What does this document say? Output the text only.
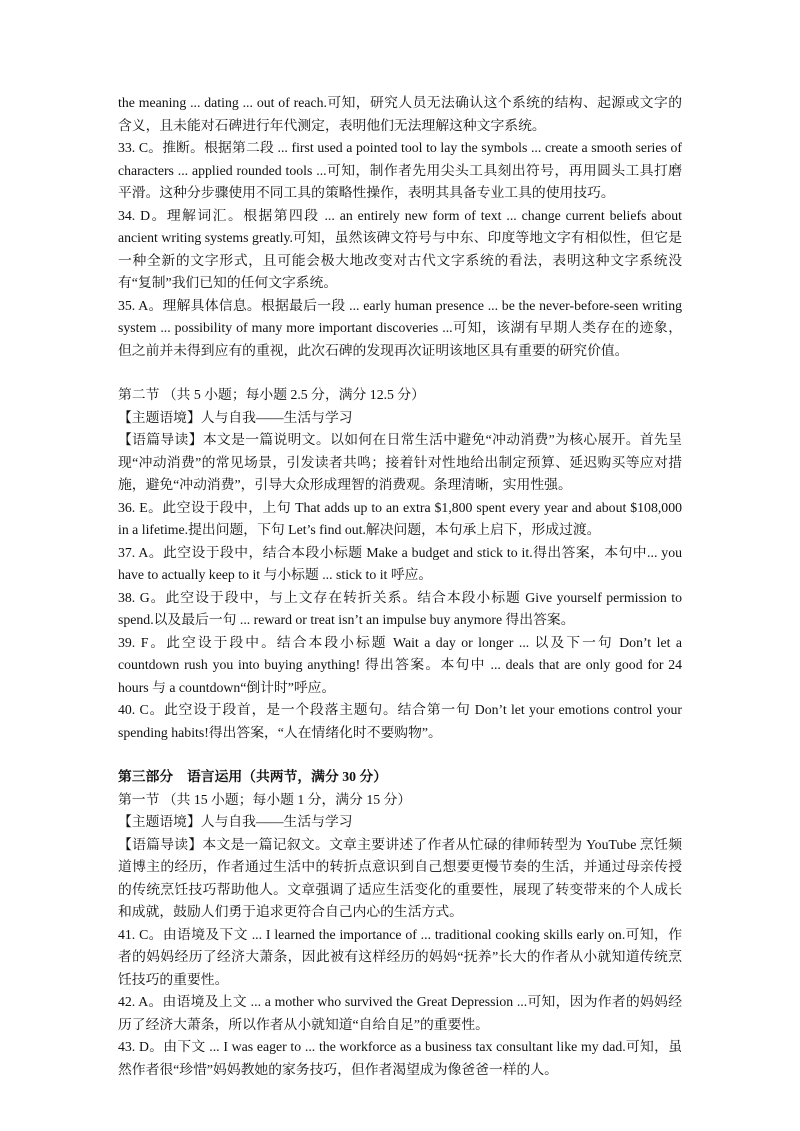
the meaning ... dating ... out of reach.可知，研究人员无法确认这个系统的结构、起源或文字的含义，且未能对石碑进行年代测定，表明他们无法理解这种文字系统。

33. C。推断。根据第二段 ... first used a pointed tool to lay the symbols ... create a smooth series of characters ... applied rounded tools ...可知，制作者先用尖头工具刻出符号，再用圆头工具打磨平滑。这种分步骤使用不同工具的策略性操作，表明其具备专业工具的使用技巧。

34. D。理解词汇。根据第四段 ... an entirely new form of text ... change current beliefs about ancient writing systems greatly.可知，虽然该碑文符号与中东、印度等地文字有相似性，但它是一种全新的文字形式，且可能会极大地改变对古代文字系统的看法，表明这种文字系统没有“复制”我们已知的任何文字系统。

35. A。理解具体信息。根据最后一段 ... early human presence ... be the never-before-seen writing system ... possibility of many more important discoveries ...可知，该湖有早期人类存在的迹象，但之前并未得到应有的重视，此次石碑的发现再次证明该地区具有重要的研究价值。

第二节 （共 5 小题；每小题 2.5 分，满分 12.5 分）

【主题语境】人与自我——生活与学习

【语篇导读】本文是一篇说明文。以如何在日常生活中避免“冲动消费”为核心展开。首先呈现“冲动消费”的常见场景，引发读者共鸣；接着针对性地给出制定预算、延迟购买等应对措施，避免“冲动消费”，引导大众形成理智的消费观。条理清晰，实用性强。

36. E。此空设于段中，上句 That adds up to an extra $1,800 spent every year and about $108,000 in a lifetime.提出问题，下句 Let’s find out.解决问题，本句承上启下，形成过渡。

37. A。此空设于段中，结合本段小标题 Make a budget and stick to it.得出答案，本句中... you have to actually keep to it 与小标题 ... stick to it 呼应。

38. G。此空设于段中，与上文存在转折关系。结合本段小标题 Give yourself permission to spend.以及最后一句 ... reward or treat isn’t an impulse buy anymore 得出答案。

39. F。此空设于段中。结合本段小标题 Wait a day or longer ... 以及下一句 Don’t let a countdown rush you into buying anything! 得出答案。本句中 ... deals that are only good for 24 hours 与 a countdown“倒计时”呼应。

40. C。此空设于段首，是一个段落主题句。结合第一句 Don’t let your emotions control your spending habits!得出答案，“人在情绪化时不要购物”。

第三部分　语言运用（共两节，满分 30 分）

第一节 （共 15 小题；每小题 1 分，满分 15 分）

【主题语境】人与自我——生活与学习

【语篇导读】本文是一篇记叙文。文章主要讲述了作者从忙碌的律师转型为 YouTube 烹饪频道博主的经历，作者通过生活中的转折点意识到自己想要更慢节奏的生活，并通过母亲传授的传统烹饪技巧帮助他人。文章强调了适应生活变化的重要性，展现了转变带来的个人成长和成就，鼓励人们勇于追求更符合自己内心的生活方式。

41. C。由语境及下文 ... I learned the importance of ... traditional cooking skills early on.可知，作者的妈妈经历了经济大萧条，因此被有这样经历的妈妈“抚养”长大的作者从小就知道传统烹饪技巧的重要性。

42. A。由语境及上文 ... a mother who survived the Great Depression ...可知，因为作者的妈妈经历了经济大萧条，所以作者从小就知道“自给自足”的重要性。

43. D。由下文 ... I was eager to ... the workforce as a business tax consultant like my dad.可知，虽然作者很“珍惜”妈妈教她的家务技巧，但作者渴望成为像爸爸一样的人。
